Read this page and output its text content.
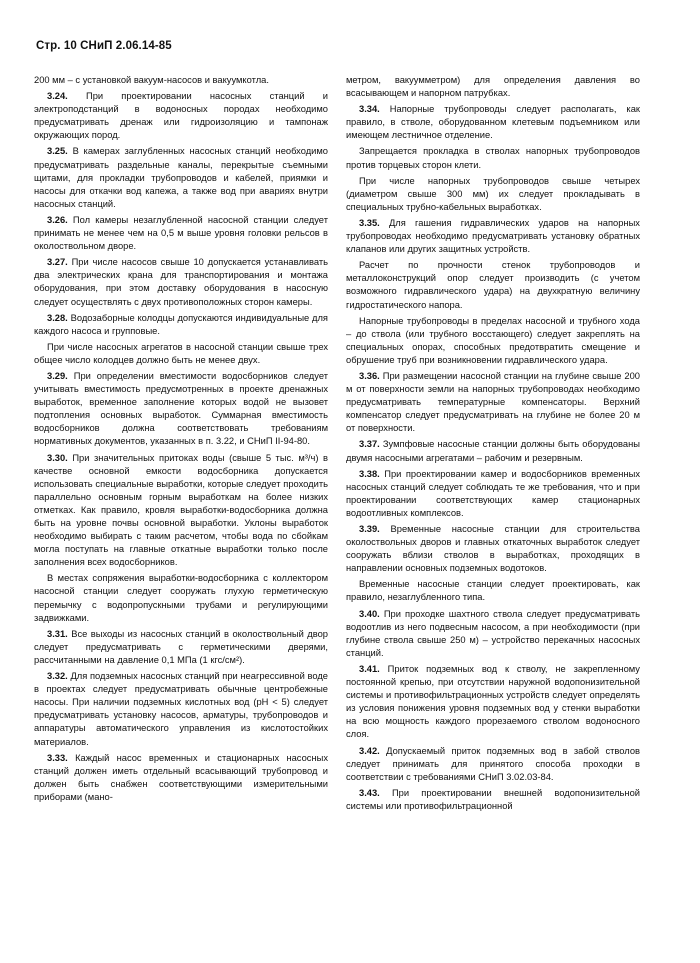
Стр. 10 СНиП 2.06.14-85

200 мм – с установкой вакуум-насосов и вакуумкотла.

3.24. При проектировании насосных станций и электроподстанций в водоносных породах необходимо предусматривать дренаж или гидроизоляцию и тампонаж окружающих пород.

3.25. В камерах заглубленных насосных станций необходимо предусматривать раздельные каналы, перекрытые съемными щитами, для прокладки трубопроводов и кабелей, приямки и насосы для откачки вод капежа, а также вод при авариях внутри насосных станций.

3.26. Пол камеры незаглубленной насосной станции следует принимать не менее чем на 0,5 м выше уровня головки рельсов в околоствольном дворе.

3.27. При числе насосов свыше 10 допускается устанавливать два электрических крана для транспортирования и монтажа оборудования, при этом доставку оборудования в насосную следует осуществлять с двух противоположных сторон камеры.

3.28. Водозаборные колодцы допускаются индивидуальные для каждого насоса и групповые.

При числе насосных агрегатов в насосной станции свыше трех общее число колодцев должно быть не менее двух.

3.29. При определении вместимости водосборников следует учитывать вместимость предусмотренных в проекте дренажных выработок, временное заполнение которых водой не вызовет подтопления основных выработок. Суммарная вместимость водосборников должна соответствовать требованиям нормативных документов, указанных в п. 3.22, и СНиП II-94-80.

3.30. При значительных притоках воды (свыше 5 тыс. м³/ч) в качестве основной емкости водосборника допускается использовать специальные выработки, которые следует проходить параллельно основным горным выработкам на более низких отметках. Как правило, кровля выработки-водосборника должна быть на уровне почвы основной выработки. Уклоны выработок необходимо выбирать с таким расчетом, чтобы вода по сбойкам могла поступать на главные откатные выработки только после заполнения всех водосборников.

В местах сопряжения выработки-водосборника с коллектором насосной станции следует сооружать глухую герметическую перемычку с водопропускными трубами и регулирующими задвижками.

3.31. Все выходы из насосных станций в околоствольный двор следует предусматривать с герметическими дверями, рассчитанными на давление 0,1 МПа (1 кгс/см²).

3.32. Для подземных насосных станций при неагрессивной воде в проектах следует предусматривать обычные центробежные насосы. При наличии подземных кислотных вод (рН < 5) следует предусматривать установку насосов, арматуры, трубопроводов и аппаратуры автоматического управления из кислотостойких материалов.

3.33. Каждый насос временных и стационарных насосных станций должен иметь отдельный всасывающий трубопровод и должен быть снабжен соответствующими измерительными приборами (мано-

метром, вакуумметром) для определения давления во всасывающем и напорном патрубках.

3.34. Напорные трубопроводы следует располагать, как правило, в стволе, оборудованном клетевым подъемником или имеющем лестничное отделение.

Запрещается прокладка в стволах напорных трубопроводов против торцевых сторон клети.

При числе напорных трубопроводов свыше четырех (диаметром свыше 300 мм) их следует прокладывать в специальных трубно-кабельных выработках.

3.35. Для гашения гидравлических ударов на напорных трубопроводах необходимо предусматривать установку обратных клапанов или других защитных устройств.

Расчет по прочности стенок трубопроводов и металлоконструкций опор следует производить (с учетом возможного гидравлического удара) на двухкратную величину гидростатического напора.

Напорные трубопроводы в пределах насосной и трубного хода – до ствола (или трубного восстающего) следует закреплять на специальных опорах, способных предотвратить смещение и обрушение труб при возникновении гидравлического удара.

3.36. При размещении насосной станции на глубине свыше 200 м от поверхности земли на напорных трубопроводах необходимо предусматривать температурные компенсаторы. Верхний компенсатор следует предусматривать на глубине не более 20 м от поверхности.

3.37. Зумпфовые насосные станции должны быть оборудованы двумя насосными агрегатами – рабочим и резервным.

3.38. При проектировании камер и водосборников временных насосных станций следует соблюдать те же требования, что и при проектировании соответствующих камер стационарных водоотливных комплексов.

3.39. Временные насосные станции для строительства околоствольных дворов и главных откаточных выработок следует сооружать вблизи стволов в выработках, проходящих в направлении основных подземных водотоков.

Временные насосные станции следует проектировать, как правило, незаглубленного типа.

3.40. При проходке шахтного ствола следует предусматривать водоотлив из него подвесным насосом, а при необходимости (при глубине ствола свыше 250 м) – устройство перекачных насосных станций.

3.41. Приток подземных вод к стволу, не закрепленному постоянной крепью, при отсутствии наружной водопонизительной системы и противофильтрационных устройств следует определять из условия понижения уровня подземных вод у стенки выработки на всю мощность каждого прорезаемого стволом водоносного слоя.

3.42. Допускаемый приток подземных вод в забой стволов следует принимать для принятого способа проходки в соответствии с требованиями СНиП 3.02.03-84.

3.43. При проектировании внешней водопонизительной системы или противофильтрационной
